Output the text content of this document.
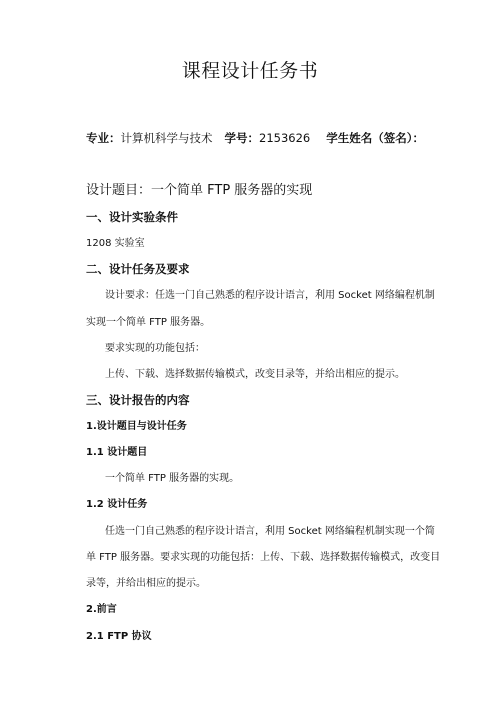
课程设计任务书
专业：计算机科学与技术 学号：2153626 学生姓名（签名）：
设计题目：一个简单 FTP 服务器的实现
一、设计实验条件
1208 实验室
二、设计任务及要求
设计要求：任选一门自己熟悉的程序设计语言，利用 Socket 网络编程机制
实现一个简单 FTP 服务器。
要求实现的功能包括：
上传、下载、选择数据传输模式，改变目录等，并给出相应的提示。
三、设计报告的内容
1.设计题目与设计任务
1.1 设计题目
一个简单 FTP 服务器的实现。
1.2 设计任务
任选一门自己熟悉的程序设计语言，利用 Socket 网络编程机制实现一个简
单 FTP 服务器。要求实现的功能包括：上传、下载、选择数据传输模式，改变目
录等，并给出相应的提示。
2.前言
2.1 FTP 协议
